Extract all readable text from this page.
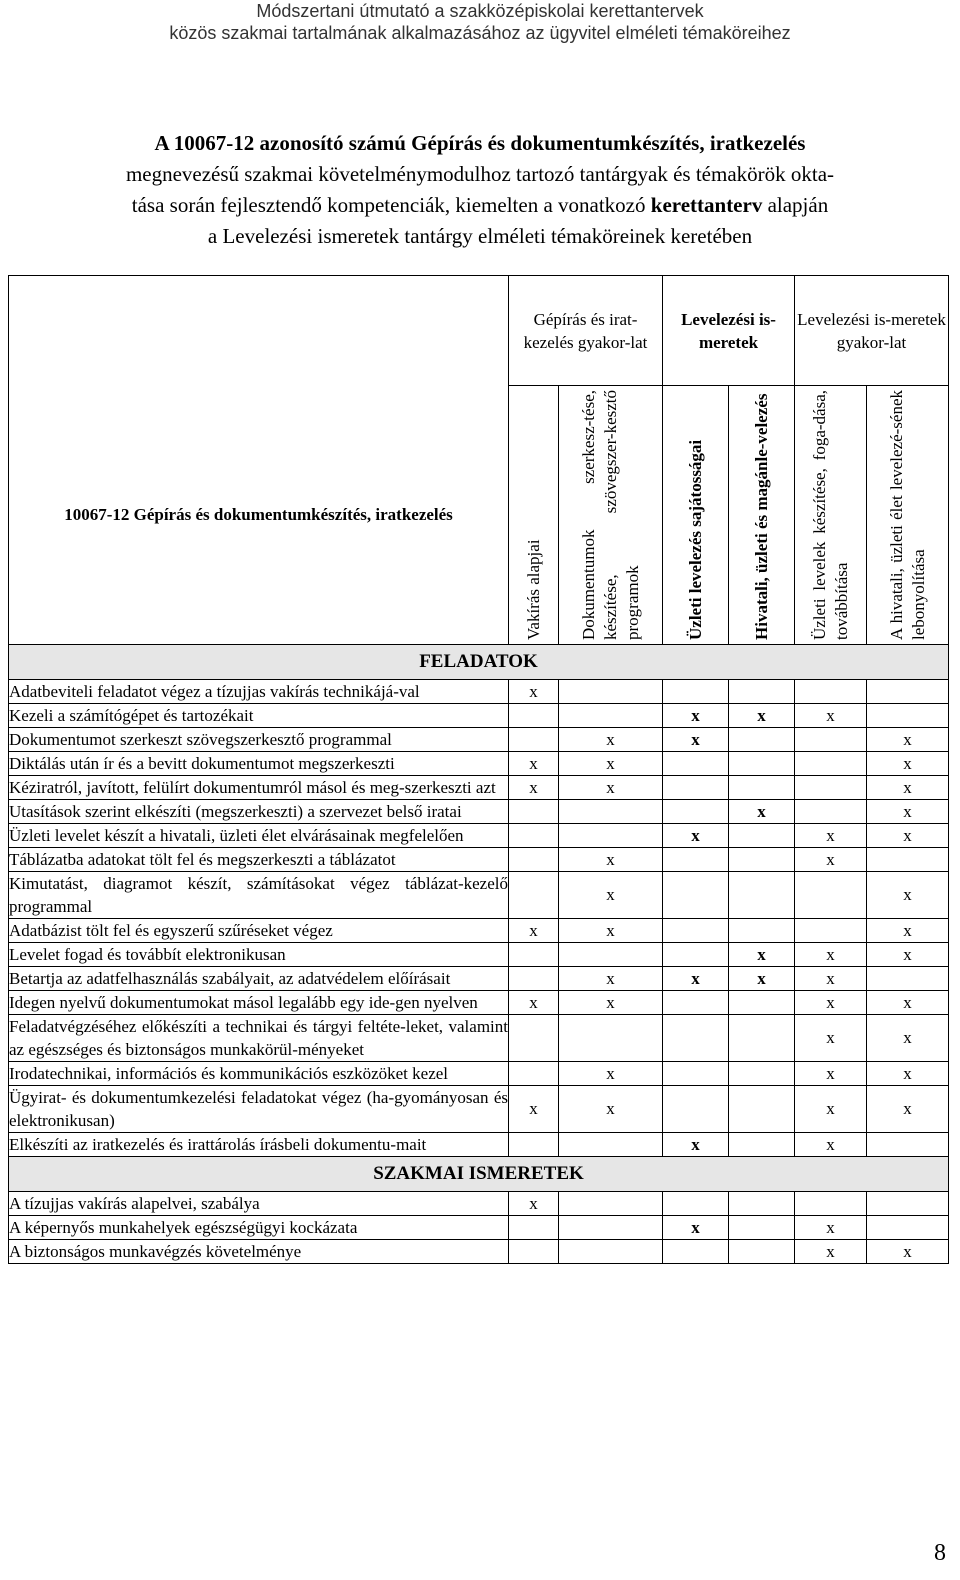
Módszertani útmutató a szakközépiskolai kerettantervek
közös szakmai tartalmának alkalmazásához az ügyvitel elméleti témaköreihez
A 10067-12 azonosító számú Gépírás és dokumentumkészítés, iratkezelés
megnevezésű szakmai követelménymodulhoz tartozó tantárgyak és témakörök okta-
tása során fejlesztendő kompetenciák, kiemelten a vonatkozó kerettanterv alapján
a Levelezési ismeretek tantárgy elméleti témaköreinek keretében
	Gépírás és irat-kezelés gyakor-lat		Levelezési is-meretek		Levelezési is-meretek gyakor-lat	
10067-12 Gépírás és dokumentumkészítés, iratkezelés	Vakírás alapjai	Dokumentumok szerkesz-tése, készítése, szövegszer-kesztő programok	Üzleti levelezés sajátosságai	Hivatali, üzleti és magánle-velezés	Üzleti levelek készítése, foga-dása, továbbítása	A hivatali, üzleti élet levelezé-sének lebonyolítása

FELADATOK						
Adatbeviteli feladatot végez a tízujjas vakírás technikájá-val	x					
Kezeli a számítógépet és tartozékait			x	x	x	
Dokumentumot szerkeszt szövegszerkesztő programmal		x	x			x
Diktálás után ír és a bevitt dokumentumot megszerkeszti	x	x				x
Kéziratról, javított, felülírt dokumentumról másol és meg-szerkeszti azt	x	x				x
Utasítások szerint elkészíti (megszerkeszti) a szervezet belső iratai				x		x
Üzleti levelet készít a hivatali, üzleti élet elvárásainak megfelelően			x		x	x
Táblázatba adatokat tölt fel és megszerkeszti a táblázatot		x			x	
Kimutatást, diagramot készít, számításokat végez táblázat-kezelő programmal		x				x
Adatbázist tölt fel és egyszerű szűréseket végez	x	x				x
Levelet fogad és továbbít elektronikusan				x	x	x
Betartja az adatfelhasználás szabályait, az adatvédelem előírásait		x	x	x	x	
Idegen nyelvű dokumentumokat másol legalább egy ide-gen nyelven	x	x			x	x
Feladatvégzéséhez előkészíti a technikai és tárgyi feltéte-leket, valamint az egészséges és biztonságos munkakörül-ményeket					x	x
Irodatechnikai, információs és kommunikációs eszközöket kezel		x			x	x
Ügyirat- és dokumentumkezelési feladatokat végez (ha-gyományosan és elektronikusan)	x	x			x	x
Elkészíti az iratkezelés és irattárolás írásbeli dokumentu-mait			x		x	
SZAKMAI ISMERETEK						
A tízujjas vakírás alapelvei, szabálya	x					
A képernyős munkahelyek egészségügyi kockázata			x		x	
A biztonságos munkavégzés követelménye					x	x
8
